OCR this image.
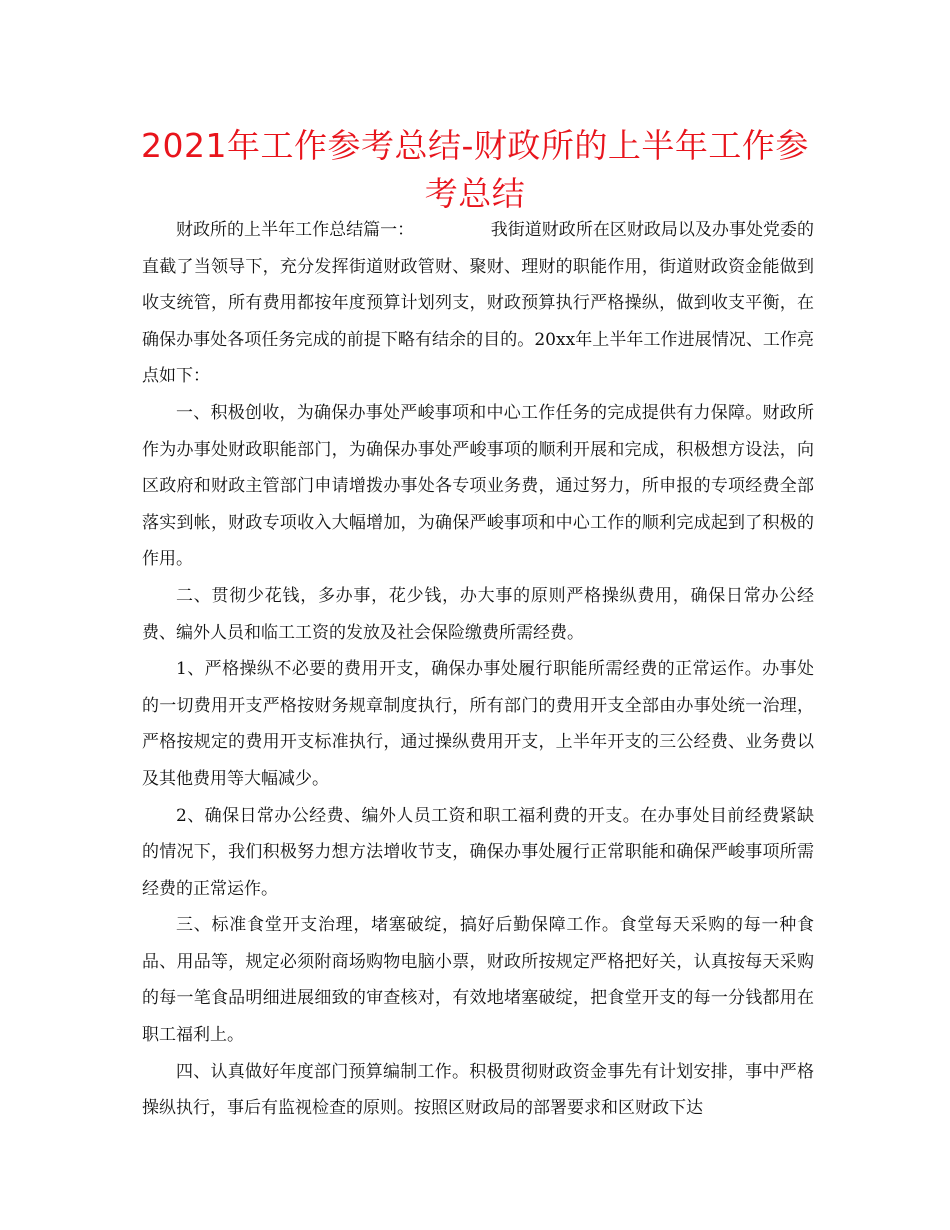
2021年工作参考总结-财政所的上半年工作参考总结

财政所的上半年工作总结篇一：　　　　　我街道财政所在区财政局以及办事处党委的直截了当领导下，充分发挥街道财政管财、聚财、理财的职能作用，街道财政资金能做到收支统管，所有费用都按年度预算计划列支，财政预算执行严格操纵，做到收支平衡，在确保办事处各项任务完成的前提下略有结余的目的。20xx年上半年工作进展情况、工作亮点如下：

一、积极创收，为确保办事处严峻事项和中心工作任务的完成提供有力保障。财政所作为办事处财政职能部门，为确保办事处严峻事项的顺利开展和完成，积极想方设法，向区政府和财政主管部门申请增拨办事处各专项业务费，通过努力，所申报的专项经费全部落实到帐，财政专项收入大幅增加，为确保严峻事项和中心工作的顺利完成起到了积极的作用。

二、贯彻少花钱，多办事，花少钱，办大事的原则严格操纵费用，确保日常办公经费、编外人员和临工工资的发放及社会保险缴费所需经费。

1、严格操纵不必要的费用开支，确保办事处履行职能所需经费的正常运作。办事处的一切费用开支严格按财务规章制度执行，所有部门的费用开支全部由办事处统一治理，严格按规定的费用开支标准执行，通过操纵费用开支，上半年开支的三公经费、业务费以及其他费用等大幅减少。

2、确保日常办公经费、编外人员工资和职工福利费的开支。在办事处目前经费紧缺的情况下，我们积极努力想方法增收节支，确保办事处履行正常职能和确保严峻事项所需经费的正常运作。

三、标准食堂开支治理，堵塞破绽，搞好后勤保障工作。食堂每天采购的每一种食品、用品等，规定必须附商场购物电脑小票，财政所按规定严格把好关，认真按每天采购的每一笔食品明细进展细致的审查核对，有效地堵塞破绽，把食堂开支的每一分钱都用在职工福利上。

四、认真做好年度部门预算编制工作。积极贯彻财政资金事先有计划安排，事中严格操纵执行，事后有监视检查的原则。按照区财政局的部署要求和区财政下达
